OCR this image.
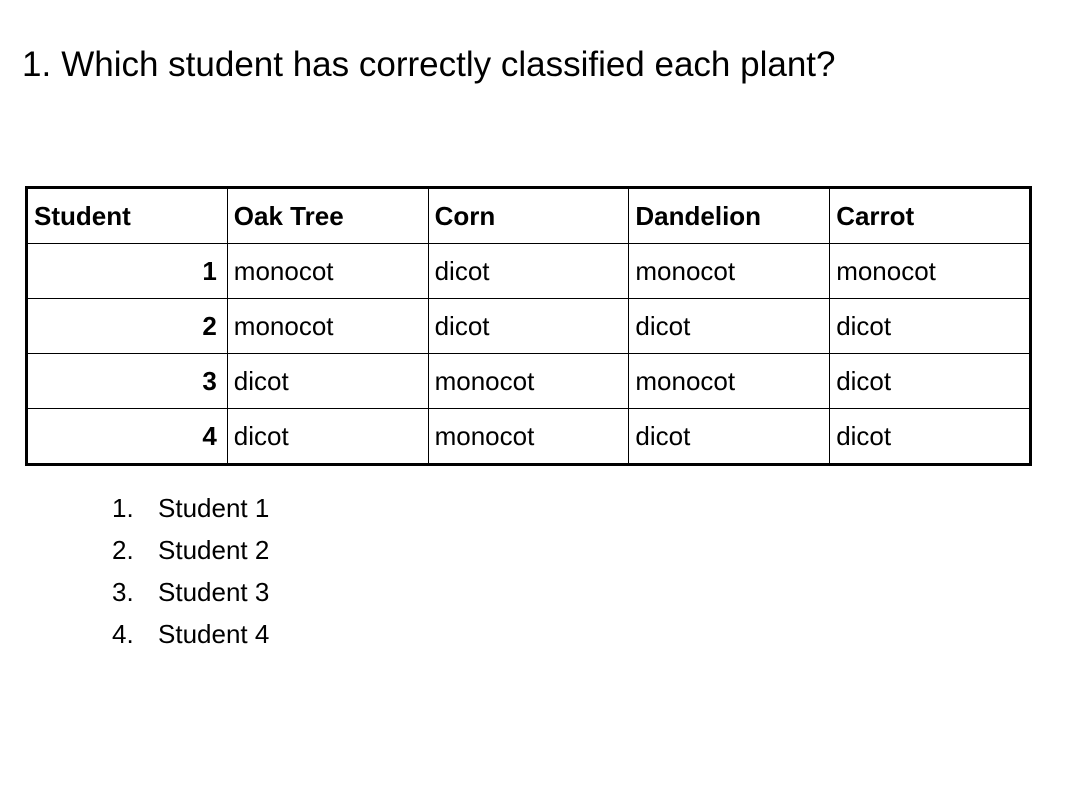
1. Which student has correctly classified each plant?
Student	Oak Tree	Corn	Dandelion	Carrot
1	monocot	dicot	monocot	monocot
2	monocot	dicot	dicot	dicot
3	dicot	monocot	monocot	dicot
4	dicot	monocot	dicot	dicot
1. Student 1
2. Student 2
3. Student 3
4. Student 4
